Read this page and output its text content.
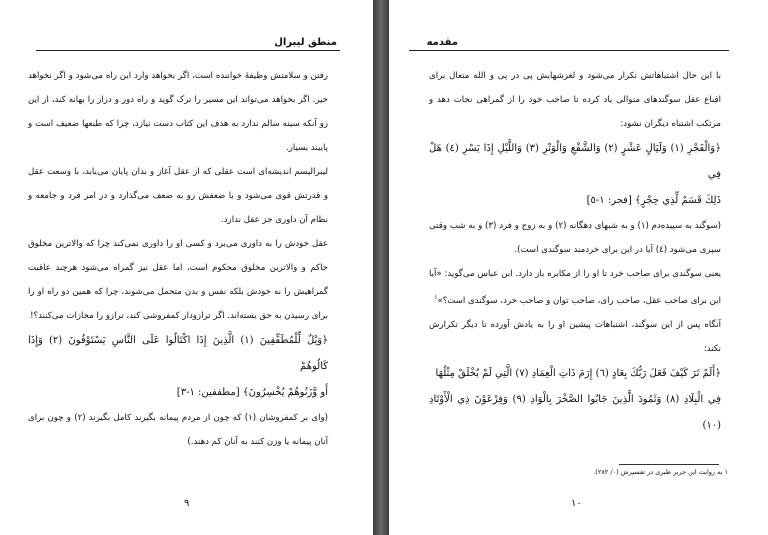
منطق لیبرال

رفتن و سلامتش وظیفهٔ خواننده است، اگر بخواهد وارد این راه می‌شود و اگر نخواهد خیر. اگر بخواهد می‌تواند این مسیر را ترک گوید و راه دور و دراز را بهانه کند، از این رو آنکه سینه سالم ندارد به هدف این کتاب دست نیازد، چرا که طبعها ضعیف است و پایبند بسیار.

لیبرالیسم اندیشه‌ای است عقلی که از عقل آغاز و بدان پایان می‌یابد، با وسعت عقل و قدرتش قوی می‌شود و با ضعفش رو به ضعف می‌گذارد و در امر فرد و جامعه و نظام آن داوری جز عقل ندارد.

عقل خودش را به داوری می‌برد و کسی او را داوری نمی‌کند چرا که والاترین مخلوق حاکم و والاترین مخلوق محکوم است، اما عقل نیز گمراه می‌شود هرچند عاقبت گمراهیش را نه خودش بلکه نفس و بدن متحمل می‌شوند، چرا که همین دو راه او را برای رسیدن به حق بسته‌اند. اگر ترازودار کمفروشی کند، ترازو را مجازات می‌کنند؟!

﴿وَيْلٌ لِّلْمُطَفِّفِينَ (١) الَّذِينَ إِذَا اكْتَالُوا عَلَى النَّاسِ يَسْتَوْفُونَ (٢) وَإِذَا كَالُوهُمْ

أَو وَّزَنُوهُمْ يُخْسِرُونَ﴾ [مطففين: ١-٣]

(وای بر کمفروشان (١) که چون از مردم پیمانه بگیرند کامل بگیرند (٢) و چون برای آنان پیمانه یا وزن کنند به آنان کم دهند.)

٩
مقدمه

با این حال اشتباهاتش تکرار می‌شود و لغزشهایش پی در پی و الله متعال برای اقناع عقل سوگندهای متوالی یاد کرده تا صاحب خود را از گمراهی نجات دهد و مرتکب اشتباه دیگران نشود:

﴿وَالْفَجْرِ (١) وَلَيَالٍ عَشْرٍ (٢) وَالشَّفْعِ وَالْوَتْرِ (٣) وَاللَّيْلِ إِذَا يَسْرِ (٤) هَلْ فِي

ذَلِكَ قَسَمٌ لِّذِي حِجْرٍ﴾ [فجر: ١-٥]

(سوگند به سپیده‌دم (١) و به شبهای دهگانه (٢) و به زوج و فرد (٣) و به شب وقتی سپری می‌شود (٤) آیا در این برای خردمند سوگندی است).

یعنی سوگندی برای صاحب خرد تا او را از مکابره باز دارد. ابن عباس می‌گوید: «آیا این برای صاحب عقل، صاحب رای، صاحب توان و صاحب خرد، سوگندی است؟»$^١$

آنگاه پس از این سوگند، اشتباهات پیشین او را به یادش آورده تا دیگر تکرارش نکند:

﴿أَلَمْ تَرَ كَيْفَ فَعَلَ رَبُّكَ بِعَادٍ (٦) إِرَمَ ذَاتِ الْعِمَادِ (٧) الَّتِي لَمْ يُخْلَقْ مِثْلُهَا

فِي الْبِلَادِ (٨) وَثَمُودَ الَّذِينَ جَابُوا الصَّخْرَ بِالْوَادِ (٩) وَفِرْعَوْنَ ذِي الْأَوْتَادِ (١٠)

١ به روایت ابن جریر طبری در تفسیرش (٠/ ٢٨٢).
١٠
